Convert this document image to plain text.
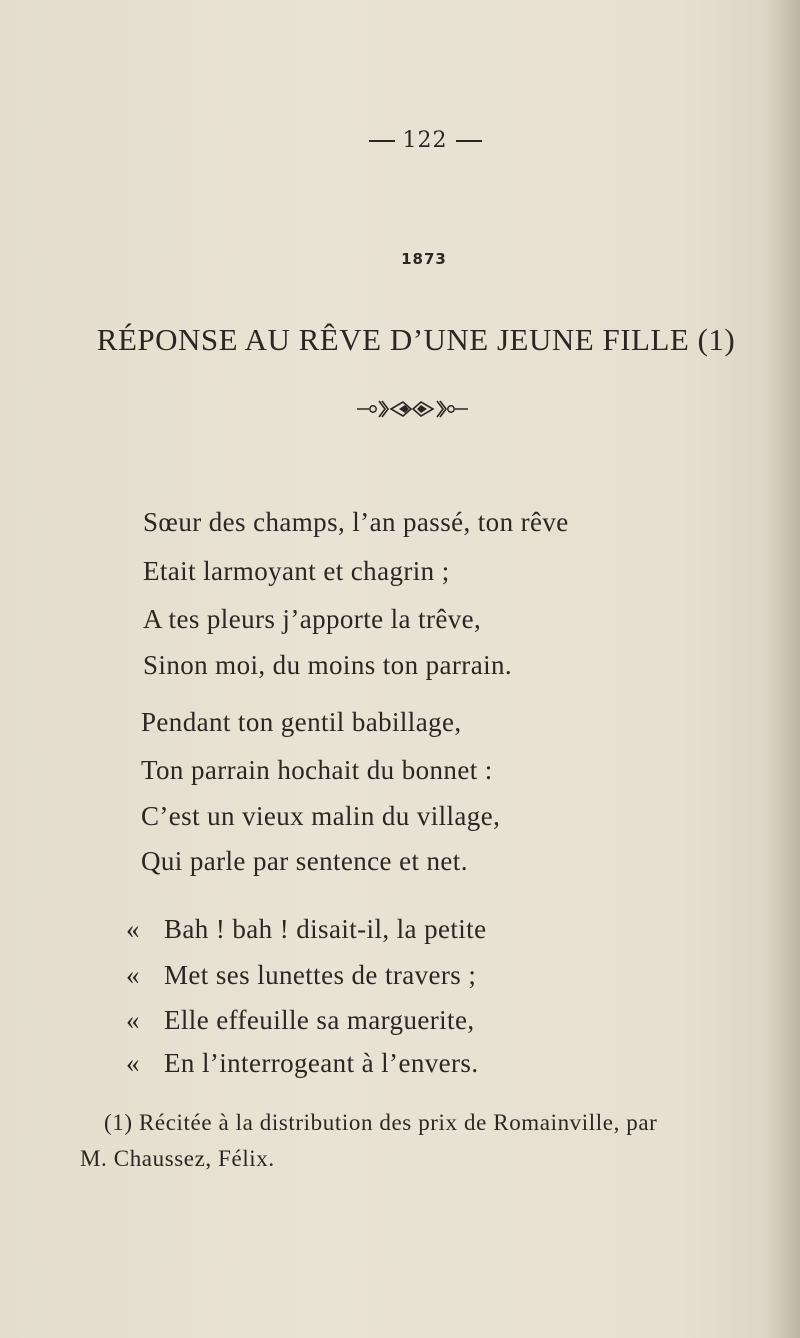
122
1873
RÉPONSE AU RÊVE D’UNE JEUNE FILLE (1)
Sœur des champs, l’an passé, ton rêve
Etait larmoyant et chagrin ;
A tes pleurs j’apporte la trêve,
Sinon moi, du moins ton parrain.
Pendant ton gentil babillage,
Ton parrain hochait du bonnet :
C’est un vieux malin du village,
Qui parle par sentence et net.
« Bah ! bah ! disait-il, la petite
« Met ses lunettes de travers ;
« Elle effeuille sa marguerite,
« En l’interrogeant à l’envers.
(1) Récitée à la distribution des prix de Romainville, par
M. Chaussez, Félix.
